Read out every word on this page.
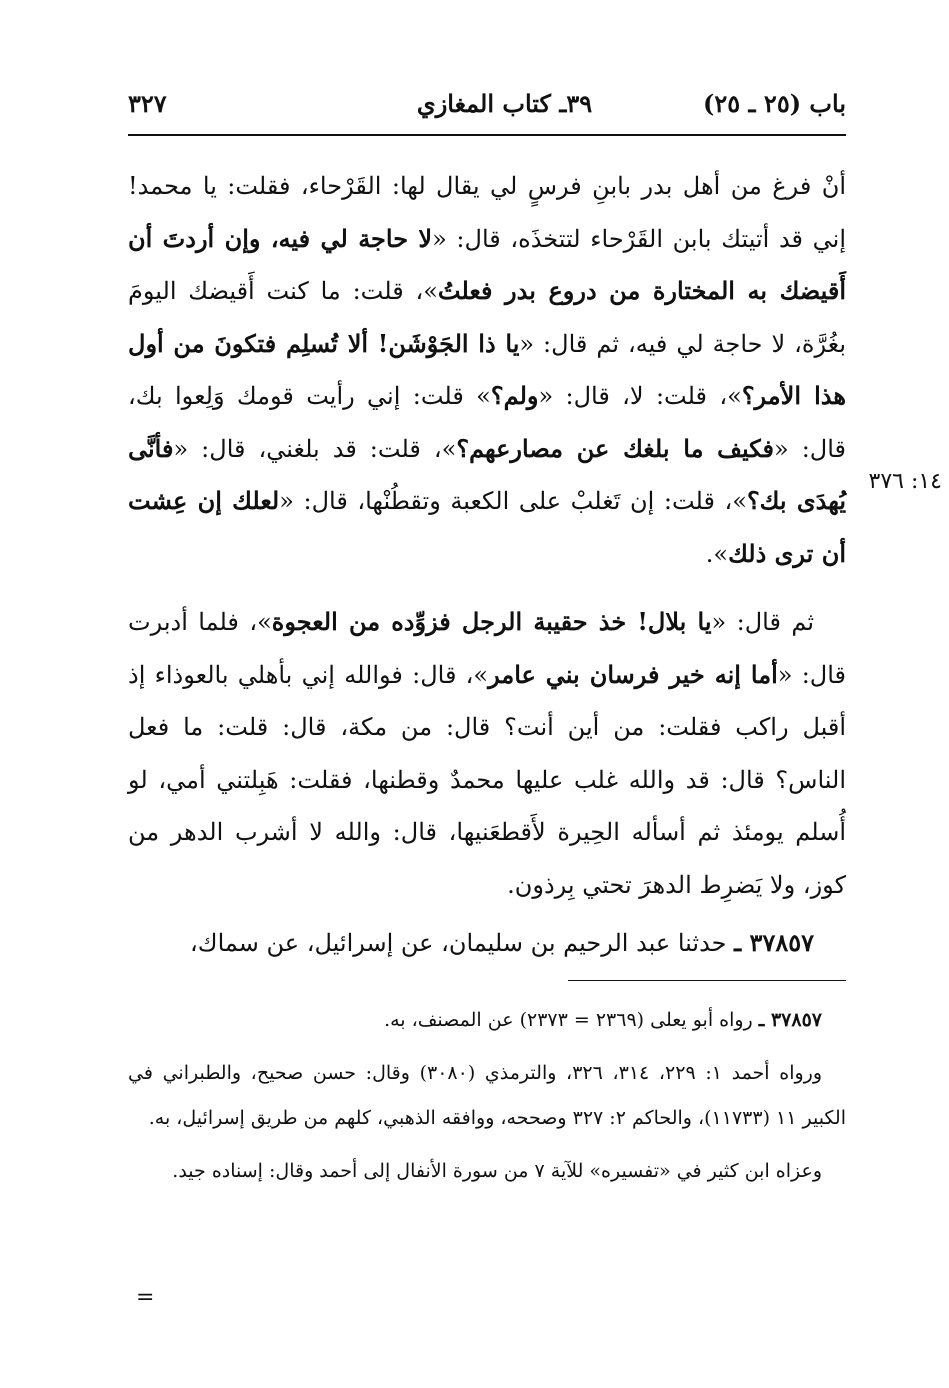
باب (٢٥ ـ ٢٥)
٣٩ـ كتاب المغازي
٣٢٧

أنْ فرغ من أهل بدر بابنِ فرسٍ لي يقال لها: القَرْحاء، فقلت: يا محمد! إني قد أتيتك بابن القَرْحاء لتتخذَه، قال: «لا حاجة لي فيه، وإن أردتَ أن أَقيضك به المختارة من دروع بدر فعلتُ»، قلت: ما كنت أَقيضك اليومَ بغُرَّة، لا حاجة لي فيه، ثم قال: «يا ذا الجَوْشَن! ألا تُسلِم فتكونَ من أول هذا الأمر؟»، قلت: لا، قال: «ولم؟» قلت: إني رأيت قومك وَلِعوا بك، قال: «فكيف ما بلغك عن مصارعهم؟»، قلت: قد بلغني، قال: «فأنَّى يُهدَى بك؟»، قلت: إن تَغلبْ على الكعبة وتقطُنْها، قال: «لعلك إن عِشت أن ترى ذلك».

ثم قال: «يا بلال! خذ حقيبة الرجل فزوِّده من العجوة»، فلما أدبرت قال: «أما إنه خير فرسان بني عامر»، قال: فوالله إني بأهلي بالعوذاء إذ أقبل راكب فقلت: من أين أنت؟ قال: من مكة، قال: قلت: ما فعل الناس؟ قال: قد والله غلب عليها محمدٌ وقطنها، فقلت: هَبِلتني أمي، لو أُسلم يومئذ ثم أسأله الحِيرة لأَقطعَنيها، قال: والله لا أشرب الدهر من كوز، ولا يَضرِط الدهرَ تحتي بِرذون.

٣٧٨٥٧ ـ حدثنا عبد الرحيم بن سليمان، عن إسرائيل، عن سماك،

١٤: ٣٧٦

٣٧٨٥٧ ـ رواه أبو يعلى (٢٣٦٩ = ٢٣٧٣) عن المصنف، به.

ورواه أحمد ١: ٢٢٩، ٣١٤، ٣٢٦، والترمذي (٣٠٨٠) وقال: حسن صحيح، والطبراني في الكبير ١١ (١١٧٣٣)، والحاكم ٢: ٣٢٧ وصححه، ووافقه الذهبي، كلهم من طريق إسرائيل، به.

وعزاه ابن كثير في «تفسيره» للآية ٧ من سورة الأنفال إلى أحمد وقال: إسناده جيد.

=
